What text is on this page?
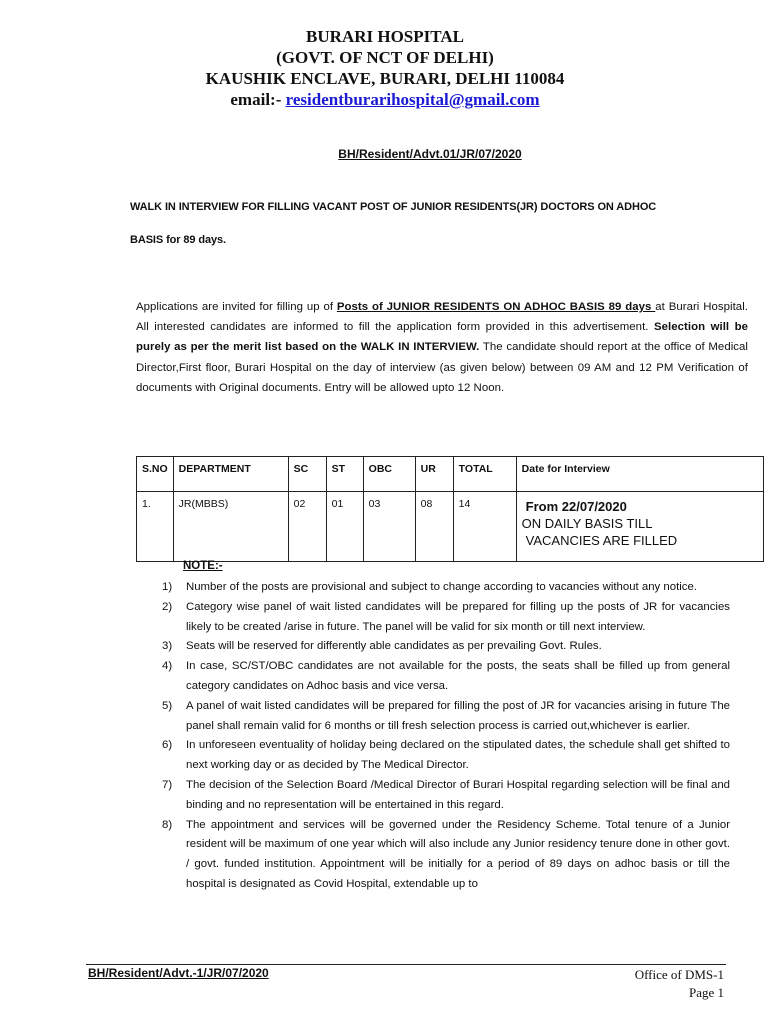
BURARI HOSPITAL
(GOVT. OF NCT OF DELHI)
KAUSHIK ENCLAVE, BURARI, DELHI 110084
email:- residentburarihospital@gmail.com
BH/Resident/Advt.01/JR/07/2020
WALK IN INTERVIEW FOR FILLING VACANT POST OF JUNIOR RESIDENTS(JR) DOCTORS ON ADHOC
BASIS for 89 days.
Applications are invited for filling up of Posts of JUNIOR RESIDENTS ON ADHOC BASIS 89 days at Burari Hospital. All interested candidates are informed to fill the application form provided in this advertisement. Selection will be purely as per the merit list based on the WALK IN INTERVIEW. The candidate should report at the office of Medical Director,First floor, Burari Hospital on the day of interview (as given below) between 09 AM and 12 PM Verification of documents with Original documents. Entry will be allowed upto 12 Noon.
S.NO	DEPARTMENT	SC	ST	OBC	UR	TOTAL	Date for Interview
1.	JR(MBBS)	02	01	03	08	14	From 22/07/2020
ON DAILY BASIS TILL
VACANCIES ARE FILLED
NOTE:-
1) Number of the posts are provisional and subject to change according to vacancies without any notice.
2) Category wise panel of wait listed candidates will be prepared for filling up the posts of JR for vacancies likely to be created /arise in future. The panel will be valid for six month or till next interview.
3) Seats will be reserved for differently able candidates as per prevailing Govt. Rules.
4) In case, SC/ST/OBC candidates are not available for the posts, the seats shall be filled up from general category candidates on Adhoc basis and vice versa.
5) A panel of wait listed candidates will be prepared for filling the post of JR for vacancies arising in future The panel shall remain valid for 6 months or till fresh selection process is carried out,whichever is earlier.
6) In unforeseen eventuality of holiday being declared on the stipulated dates, the schedule shall get shifted to next working day or as decided by The Medical Director.
7) The decision of the Selection Board /Medical Director of Burari Hospital regarding selection will be final and binding and no representation will be entertained in this regard.
8) The appointment and services will be governed under the Residency Scheme. Total tenure of a Junior resident will be maximum of one year which will also include any Junior residency tenure done in other govt. / govt. funded institution. Appointment will be initially for a period of 89 days on adhoc basis or till the hospital is designated as Covid Hospital, extendable up to
BH/Resident/Advt.-1/JR/07/2020	Office of DMS-1
Page 1
